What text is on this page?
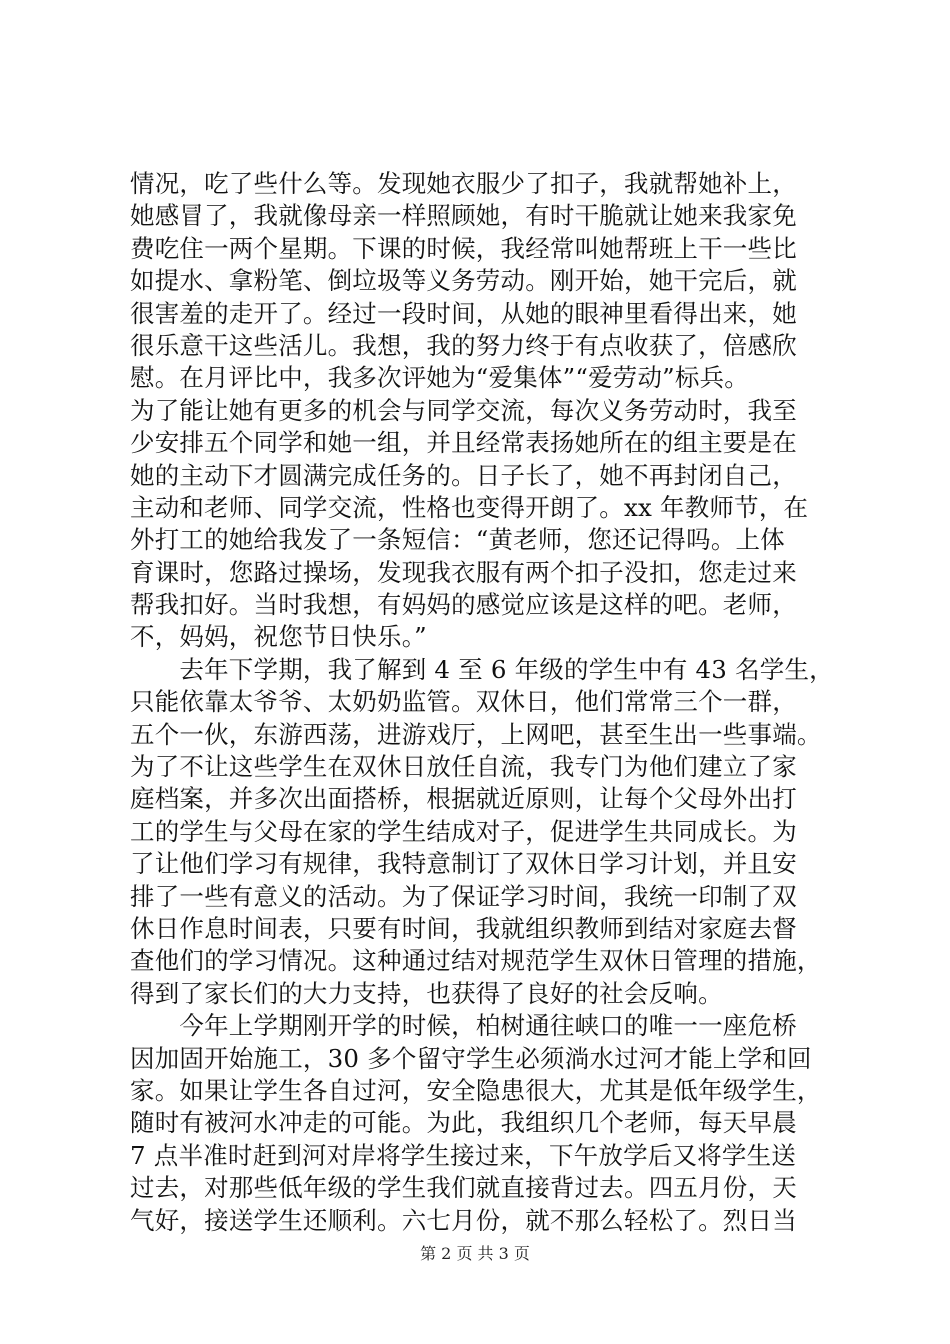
情况，吃了些什么等。发现她衣服少了扣子，我就帮她补上，
她感冒了，我就像母亲一样照顾她，有时干脆就让她来我家免
费吃住一两个星期。下课的时候，我经常叫她帮班上干一些比
如提水、拿粉笔、倒垃圾等义务劳动。刚开始，她干完后，就
很害羞的走开了。经过一段时间，从她的眼神里看得出来，她
很乐意干这些活儿。我想，我的努力终于有点收获了，倍感欣
慰。在月评比中，我多次评她为“爱集体”“爱劳动”标兵。
为了能让她有更多的机会与同学交流，每次义务劳动时，我至
少安排五个同学和她一组，并且经常表扬她所在的组主要是在
她的主动下才圆满完成任务的。日子长了，她不再封闭自己，
主动和老师、同学交流，性格也变得开朗了。xx 年教师节，在
外打工的她给我发了一条短信：“黄老师，您还记得吗。上体
育课时，您路过操场，发现我衣服有两个扣子没扣，您走过来
帮我扣好。当时我想，有妈妈的感觉应该是这样的吧。老师，
不，妈妈，祝您节日快乐。”
　　去年下学期，我了解到 4 至 6 年级的学生中有 43 名学生，
只能依靠太爷爷、太奶奶监管。双休日，他们常常三个一群，
五个一伙，东游西荡，进游戏厅，上网吧，甚至生出一些事端。
为了不让这些学生在双休日放任自流，我专门为他们建立了家
庭档案，并多次出面搭桥，根据就近原则，让每个父母外出打
工的学生与父母在家的学生结成对子，促进学生共同成长。为
了让他们学习有规律，我特意制订了双休日学习计划，并且安
排了一些有意义的活动。为了保证学习时间，我统一印制了双
休日作息时间表，只要有时间，我就组织教师到结对家庭去督
查他们的学习情况。这种通过结对规范学生双休日管理的措施，
得到了家长们的大力支持，也获得了良好的社会反响。
　　今年上学期刚开学的时候，柏树通往峡口的唯一一座危桥
因加固开始施工，30 多个留守学生必须淌水过河才能上学和回
家。如果让学生各自过河，安全隐患很大，尤其是低年级学生，
随时有被河水冲走的可能。为此，我组织几个老师，每天早晨
7 点半准时赶到河对岸将学生接过来，下午放学后又将学生送
过去，对那些低年级的学生我们就直接背过去。四五月份，天
气好，接送学生还顺利。六七月份，就不那么轻松了。烈日当
第 2 页 共 3 页
